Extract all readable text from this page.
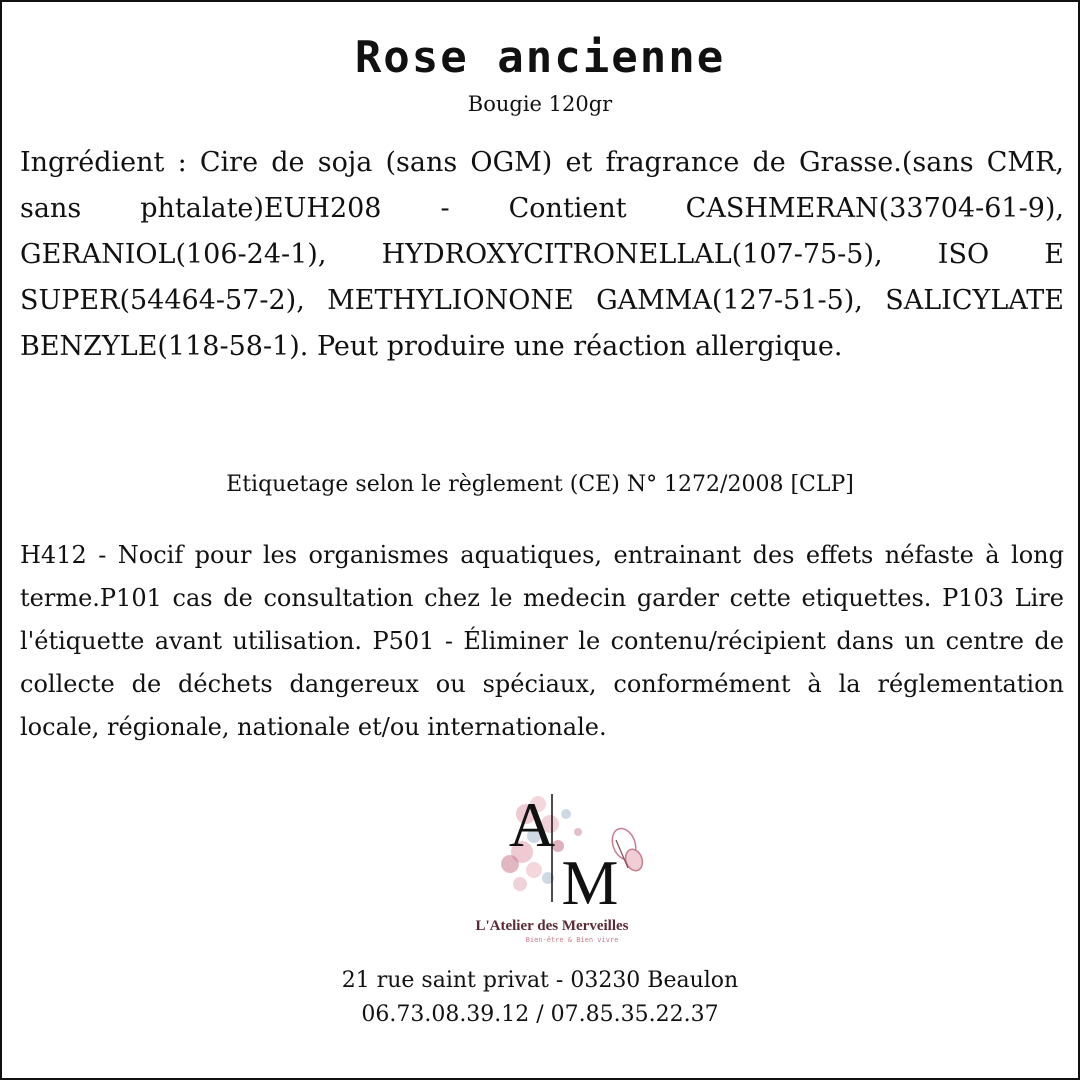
Rose ancienne

Bougie 120gr

Ingrédient : Cire de soja (sans OGM) et fragrance de Grasse.(sans CMR, sans phtalate)EUH208 - Contient CASHMERAN(33704-61-9), GERANIOL(106-24-1), HYDROXYCITRONELLAL(107-75-5), ISO E SUPER(54464-57-2), METHYLIONONE GAMMA(127-51-5), SALICYLATE BENZYLE(118-58-1). Peut produire une réaction allergique.

Etiquetage selon le règlement (CE) N° 1272/2008 [CLP]

H412 - Nocif pour les organismes aquatiques, entrainant des effets néfaste à long terme.P101 cas de consultation chez le medecin garder cette etiquettes. P103 Lire l'étiquette avant utilisation. P501 - Éliminer le contenu/récipient dans un centre de collecte de déchets dangereux ou spéciaux, conformément à la réglementation locale, régionale, nationale et/ou internationale.

A
M
L'Atelier des Merveilles
Bien-être & Bien vivre

21 rue saint privat - 03230 Beaulon

06.73.08.39.12 / 07.85.35.22.37
